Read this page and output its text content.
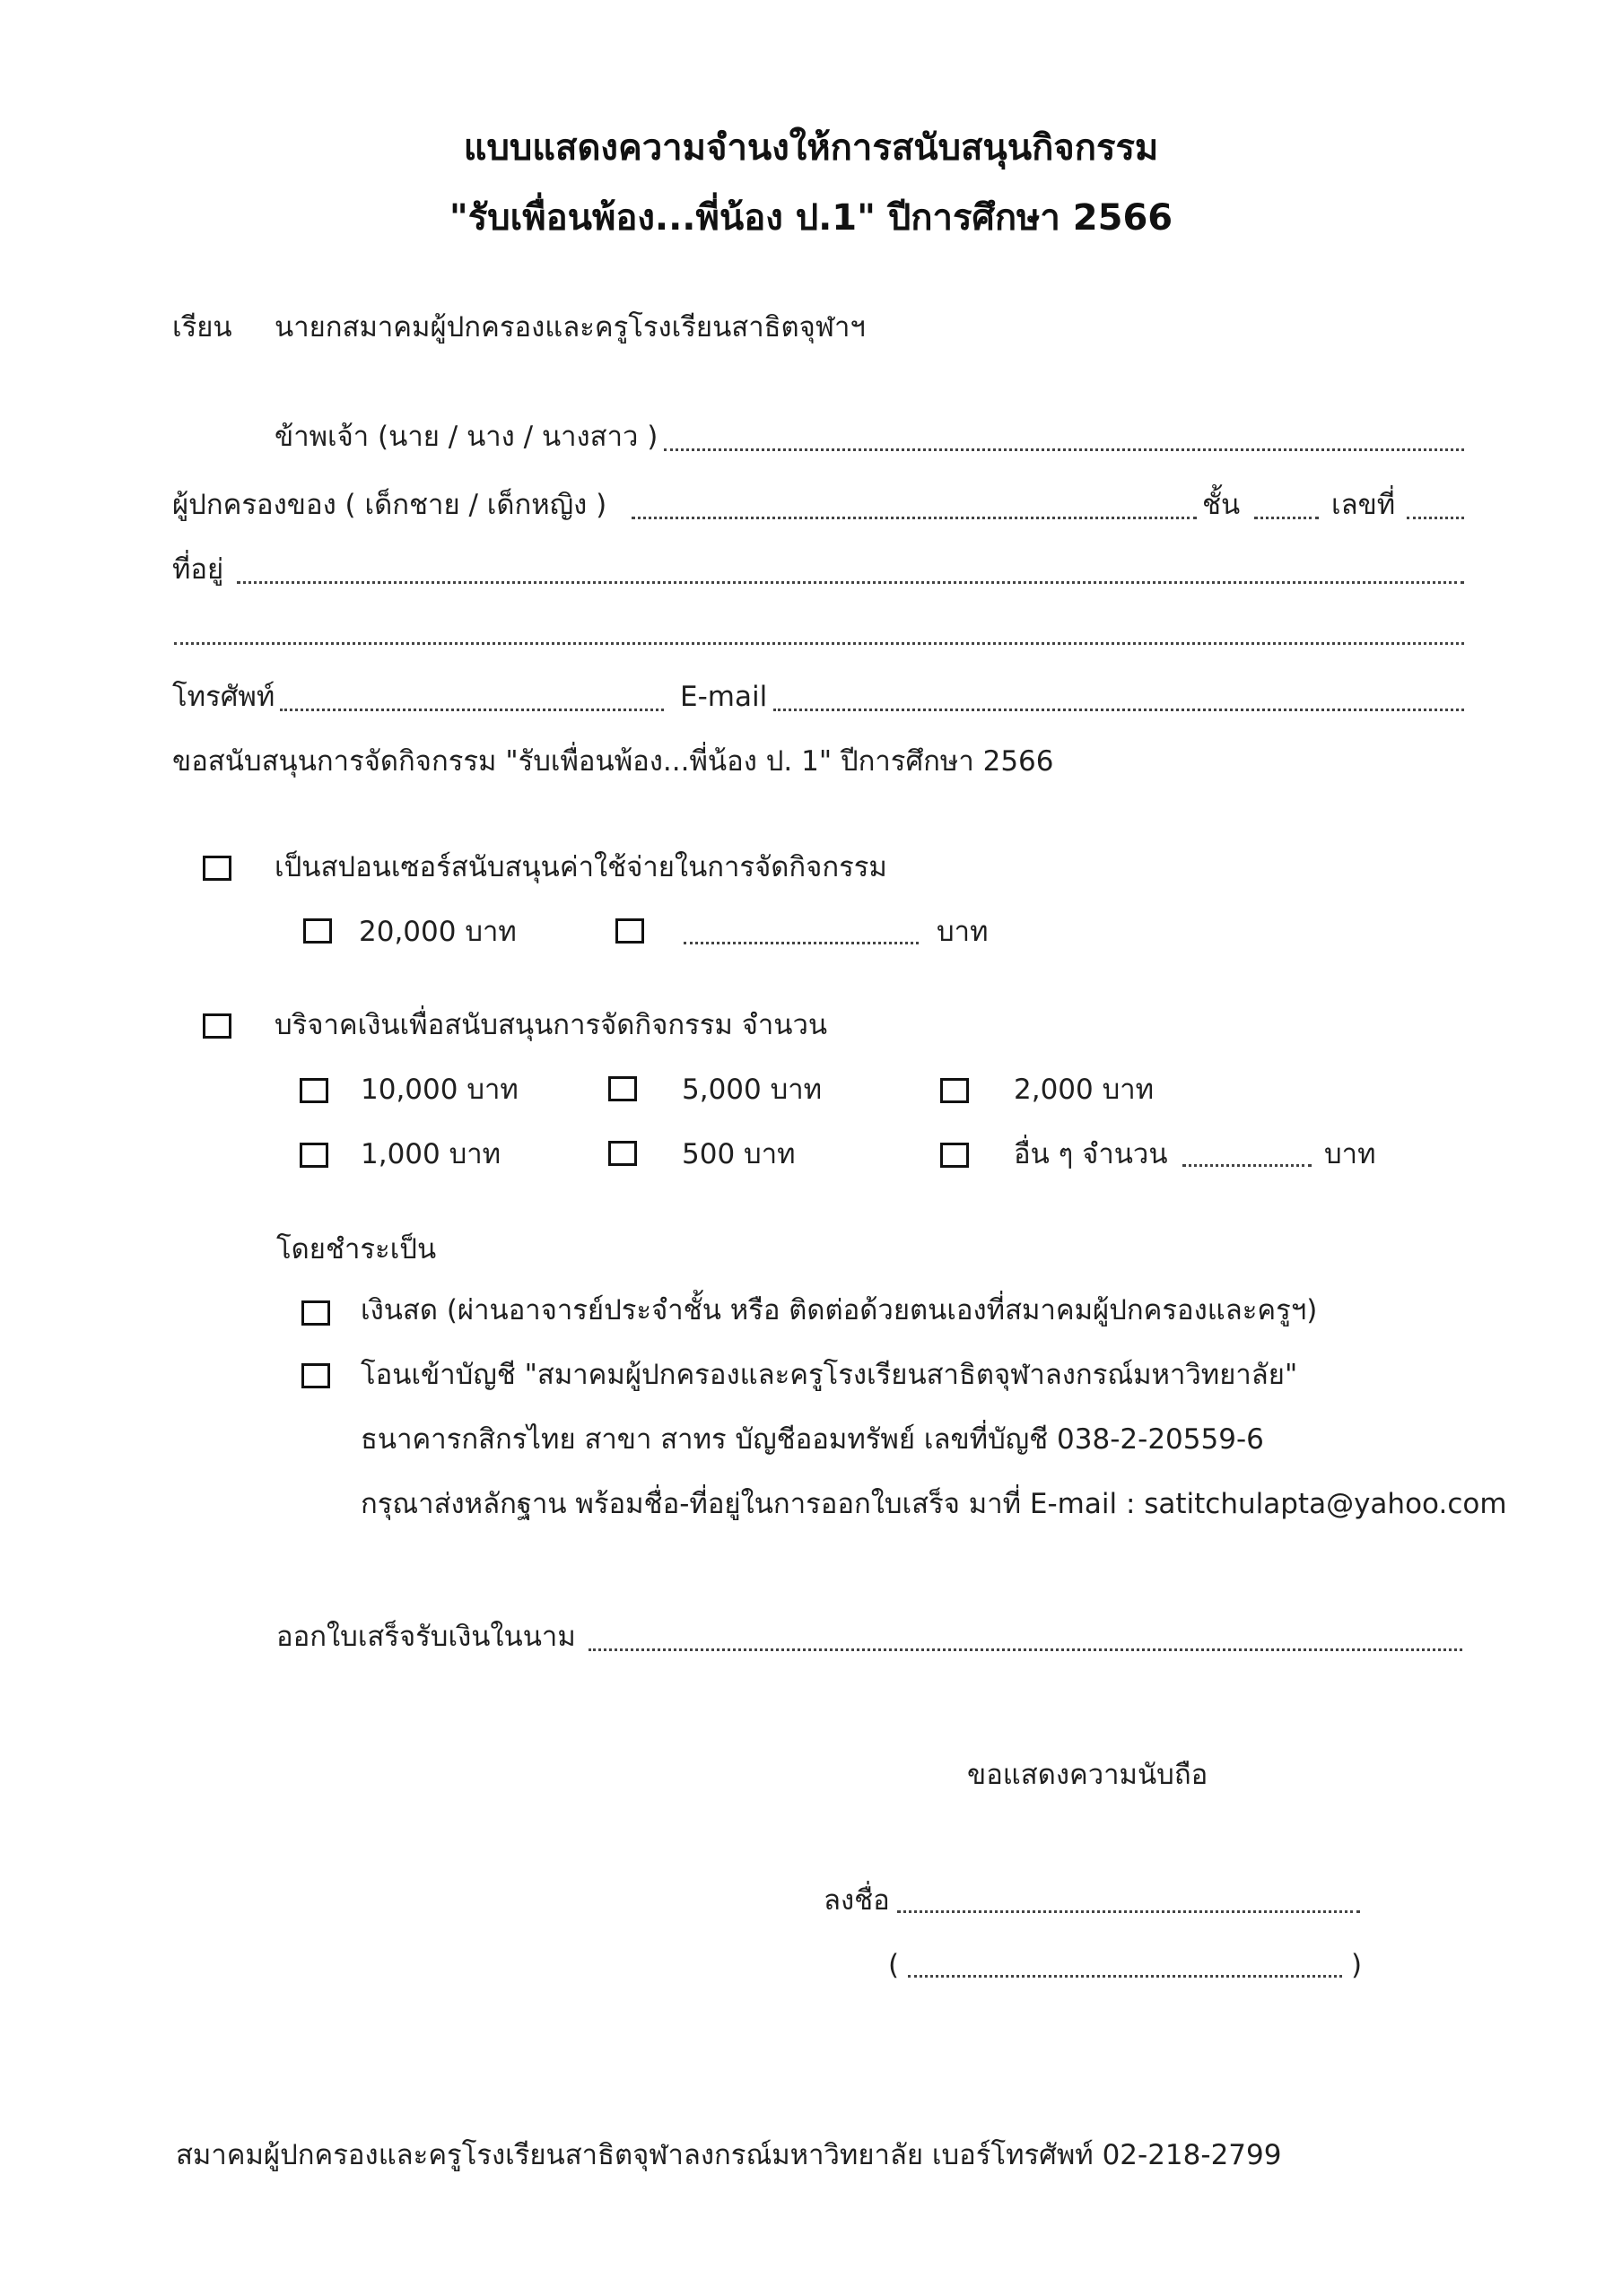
แบบแสดงความจำนงให้การสนับสนุนกิจกรรม
"รับเพื่อนพ้อง...พี่น้อง ป.1" ปีการศึกษา 2566
เรียน นายกสมาคมผู้ปกครองและครูโรงเรียนสาธิตจุฬาฯ
ข้าพเจ้า (นาย / นาง / นางสาว )
ผู้ปกครองของ ( เด็กชาย / เด็กหญิง )	ชั้น	เลขที่
ที่อยู่
โทรศัพท์	E-mail
ขอสนับสนุนการจัดกิจกรรม "รับเพื่อนพ้อง...พี่น้อง ป. 1" ปีการศึกษา 2566
เป็นสปอนเซอร์สนับสนุนค่าใช้จ่ายในการจัดกิจกรรม
20,000 บาท	บาท
บริจาคเงินเพื่อสนับสนุนการจัดกิจกรรม จำนวน
10,000 บาท	5,000 บาท	2,000 บาท
1,000 บาท	500 บาท	อื่น ๆ จำนวน	บาท
โดยชำระเป็น
เงินสด (ผ่านอาจารย์ประจำชั้น หรือ ติดต่อด้วยตนเองที่สมาคมผู้ปกครองและครูฯ)
โอนเข้าบัญชี "สมาคมผู้ปกครองและครูโรงเรียนสาธิตจุฬาลงกรณ์มหาวิทยาลัย"
ธนาคารกสิกรไทย สาขา สาทร บัญชีออมทรัพย์ เลขที่บัญชี 038-2-20559-6
กรุณาส่งหลักฐาน พร้อมชื่อ-ที่อยู่ในการออกใบเสร็จ มาที่ E-mail : satitchulapta@yahoo.com
ออกใบเสร็จรับเงินในนาม
ขอแสดงความนับถือ
ลงชื่อ
(	)
สมาคมผู้ปกครองและครูโรงเรียนสาธิตจุฬาลงกรณ์มหาวิทยาลัย เบอร์โทรศัพท์ 02-218-2799
